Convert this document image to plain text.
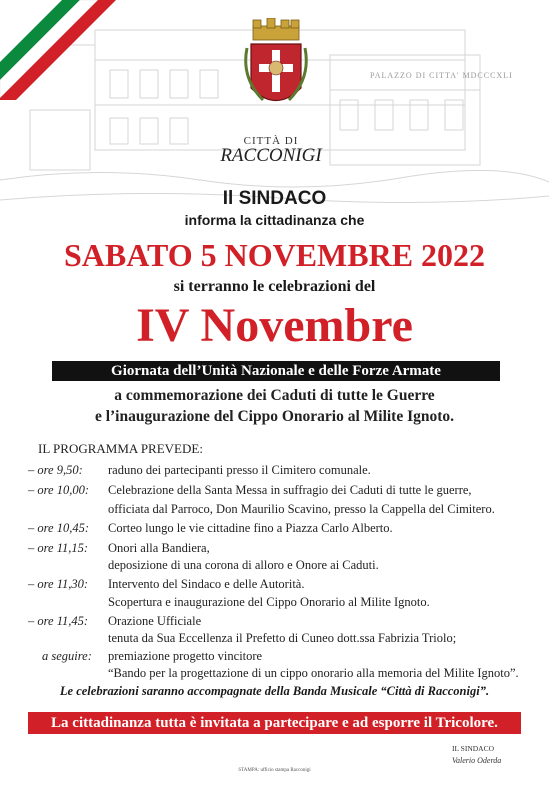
PALAZZO DI CITTA' MDCCCXLI
CITTÀ DI
RACCONIGI
Il SINDACO
informa la cittadinanza che
SABATO 5 NOVEMBRE 2022
si terranno le celebrazioni del
IV Novembre
Giornata dell’Unità Nazionale e delle Forze Armate
a commemorazione dei Caduti di tutte le Guerre
e l’inaugurazione del Cippo Onorario al Milite Ignoto.
IL PROGRAMMA PREVEDE:
– ore 9,50:	raduno dei partecipanti presso il Cimitero comunale.
– ore 10,00:	Celebrazione della Santa Messa in suffragio dei Caduti di tutte le guerre,
officiata dal Parroco, Don Maurilio Scavino, presso la Cappella del Cimitero.
– ore 10,45:	Corteo lungo le vie cittadine fino a Piazza Carlo Alberto.
– ore 11,15:	Onori alla Bandiera,
deposizione di una corona di alloro e Onore ai Caduti.
– ore 11,30:	Intervento del Sindaco e delle Autorità.
Scopertura e inaugurazione del Cippo Onorario al Milite Ignoto.
– ore 11,45:	Orazione Ufficiale
tenuta da Sua Eccellenza il Prefetto di Cuneo dott.ssa Fabrizia Triolo;
a seguire:	premiazione progetto vincitore
“Bando per la progettazione di un cippo onorario alla memoria del Milite Ignoto”.
Le celebrazioni saranno accompagnate della Banda Musicale “Città di Racconigi”.
La cittadinanza tutta è invitata a partecipare e ad esporre il Tricolore.
IL SINDACO
Valerio Oderda
STAMPA: ufficio stampa Racconigi
